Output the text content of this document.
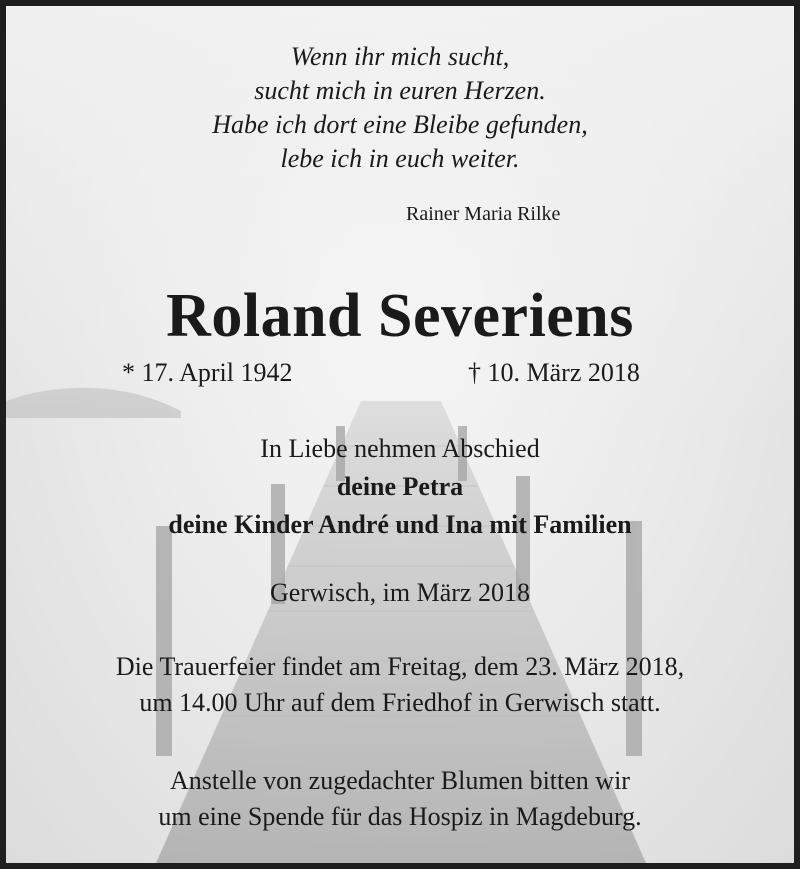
Wenn ihr mich sucht,
sucht mich in euren Herzen.
Habe ich dort eine Bleibe gefunden,
lebe ich in euch weiter.
Rainer Maria Rilke
Roland Severiens
* 17. April 1942	† 10. März 2018
In Liebe nehmen Abschied
deine Petra
deine Kinder André und Ina mit Familien
Gerwisch, im März 2018
Die Trauerfeier findet am Freitag, dem 23. März 2018,
um 14.00 Uhr auf dem Friedhof in Gerwisch statt.
Anstelle von zugedachter Blumen bitten wir
um eine Spende für das Hospiz in Magdeburg.
